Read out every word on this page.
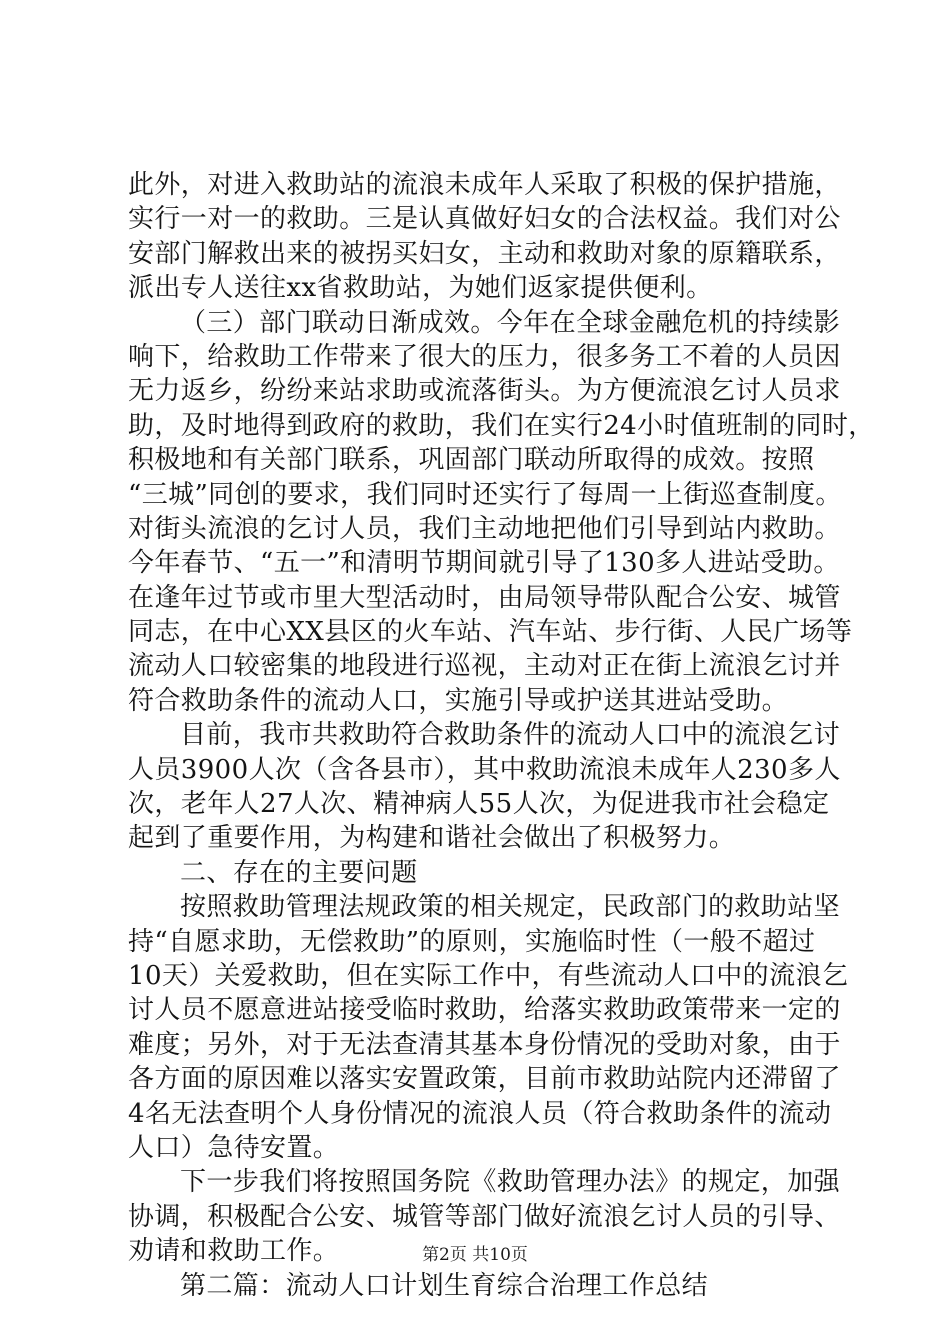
此外，对进入救助站的流浪未成年人采取了积极的保护措施，
实行一对一的救助。三是认真做好妇女的合法权益。我们对公
安部门解救出来的被拐买妇女，主动和救助对象的原籍联系，
派出专人送往xx省救助站，为她们返家提供便利。
（三）部门联动日渐成效。今年在全球金融危机的持续影
响下，给救助工作带来了很大的压力，很多务工不着的人员因
无力返乡，纷纷来站求助或流落街头。为方便流浪乞讨人员求
助，及时地得到政府的救助，我们在实行24小时值班制的同时，
积极地和有关部门联系，巩固部门联动所取得的成效。按照
“三城”同创的要求，我们同时还实行了每周一上街巡查制度。
对街头流浪的乞讨人员，我们主动地把他们引导到站内救助。
今年春节、“五一”和清明节期间就引导了130多人进站受助。
在逢年过节或市里大型活动时，由局领导带队配合公安、城管
同志，在中心XX县区的火车站、汽车站、步行街、人民广场等
流动人口较密集的地段进行巡视，主动对正在街上流浪乞讨并
符合救助条件的流动人口，实施引导或护送其进站受助。
目前，我市共救助符合救助条件的流动人口中的流浪乞讨
人员3900人次（含各县市），其中救助流浪未成年人230多人
次，老年人27人次、精神病人55人次，为促进我市社会稳定
起到了重要作用，为构建和谐社会做出了积极努力。
二、存在的主要问题
按照救助管理法规政策的相关规定，民政部门的救助站坚
持“自愿求助，无偿救助”的原则，实施临时性（一般不超过
10天）关爱救助，但在实际工作中，有些流动人口中的流浪乞
讨人员不愿意进站接受临时救助，给落实救助政策带来一定的
难度；另外，对于无法查清其基本身份情况的受助对象，由于
各方面的原因难以落实安置政策，目前市救助站院内还滞留了
4名无法查明个人身份情况的流浪人员（符合救助条件的流动
人口）急待安置。
下一步我们将按照国务院《救助管理办法》的规定，加强
协调，积极配合公安、城管等部门做好流浪乞讨人员的引导、
劝请和救助工作。
第二篇：流动人口计划生育综合治理工作总结
第2页 共10页
